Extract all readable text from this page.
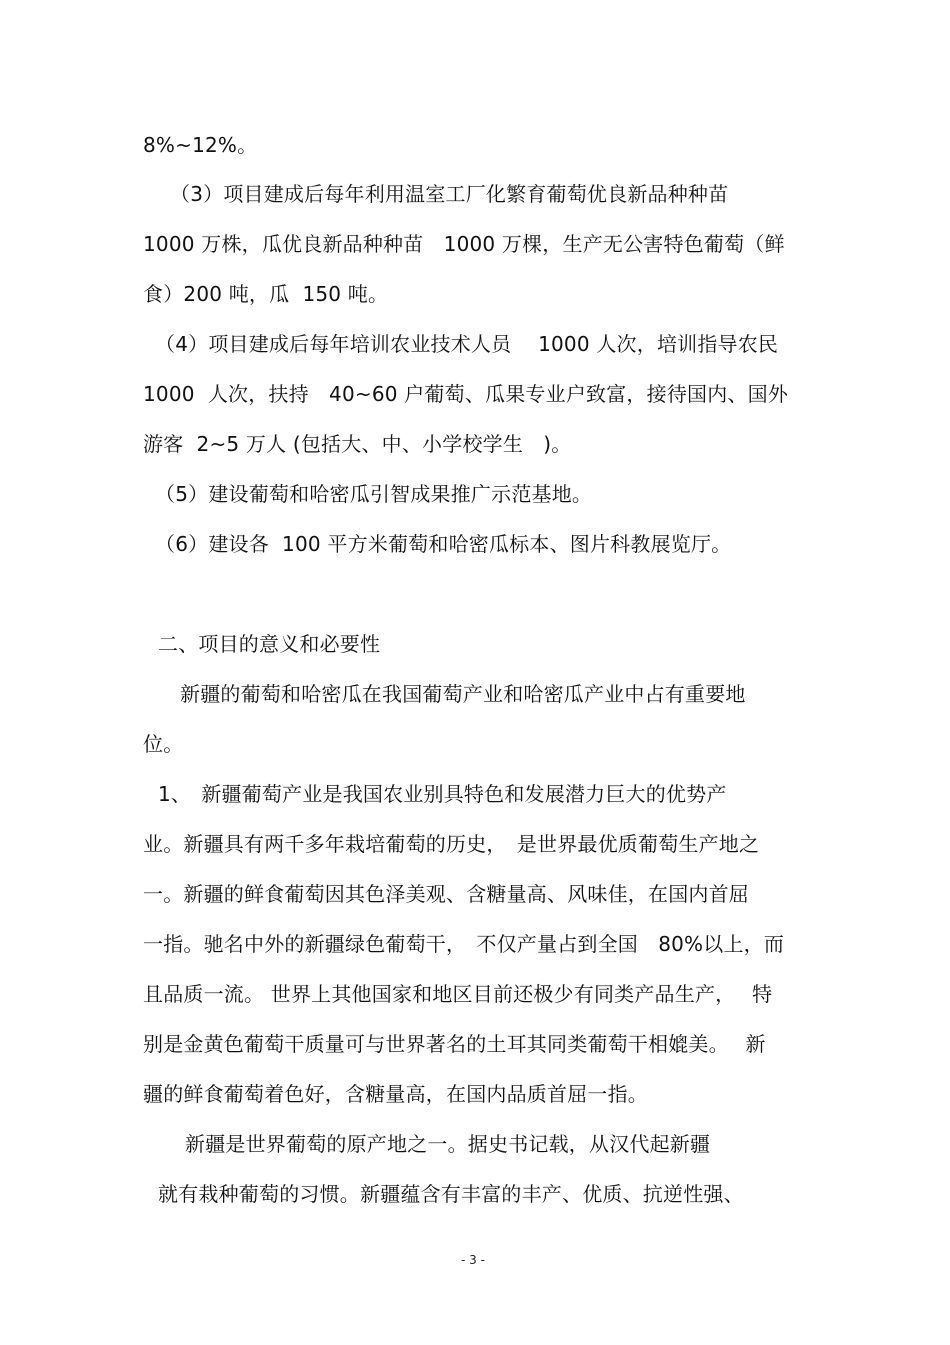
8%~12%。
（3）项目建成后每年利用温室工厂化繁育葡萄优良新品种种苗
1000 万株，瓜优良新品种种苗　1000 万棵，生产无公害特色葡萄（鲜
食）200 吨，瓜  150 吨。
（4）项目建成后每年培训农业技术人员　 1000 人次，培训指导农民
1000  人次，扶持　40~60 户葡萄、瓜果专业户致富，接待国内、国外
游客  2~5 万人 (包括大、中、小学校学生　)。
（5）建设葡萄和哈密瓜引智成果推广示范基地。
（6）建设各  100 平方米葡萄和哈密瓜标本、图片科教展览厅。
二、项目的意义和必要性
新疆的葡萄和哈密瓜在我国葡萄产业和哈密瓜产业中占有重要地
位。
1、　新疆葡萄产业是我国农业别具特色和发展潜力巨大的优势产
业。新疆具有两千多年栽培葡萄的历史，　是世界最优质葡萄生产地之
一。新疆的鲜食葡萄因其色泽美观、含糖量高、风味佳，在国内首屈
一指。驰名中外的新疆绿色葡萄干，　不仅产量占到全国　80%以上，而
且品质一流。 世界上其他国家和地区目前还极少有同类产品生产，　 特
别是金黄色葡萄干质量可与世界著名的土耳其同类葡萄干相媲美。　 新
疆的鲜食葡萄着色好，含糖量高，在国内品质首屈一指。
新疆是世界葡萄的原产地之一。据史书记载，从汉代起新疆
就有栽种葡萄的习惯。新疆蕴含有丰富的丰产、优质、抗逆性强、
- 3 -
